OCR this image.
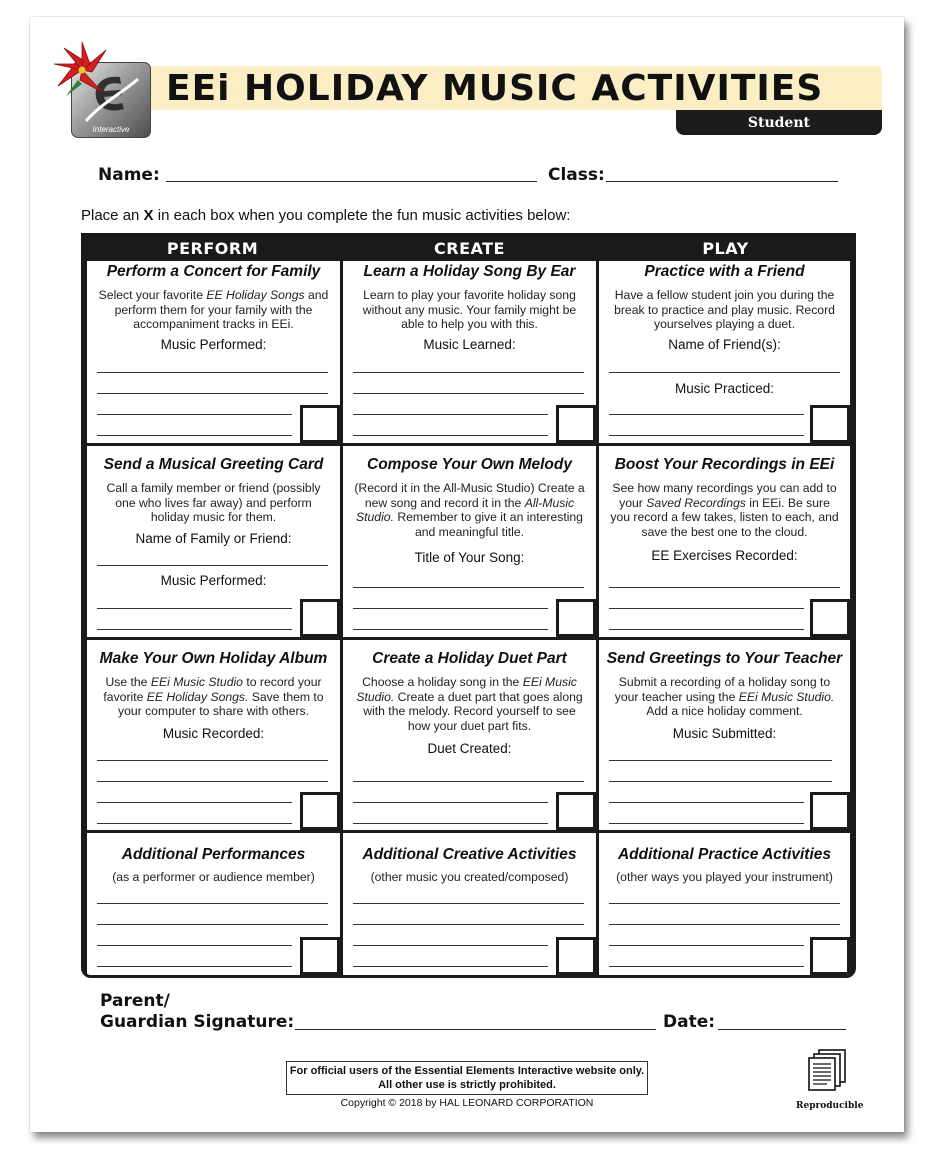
EEi HOLIDAY MUSIC ACTIVITIES
Student
Interactive
Name:	Class:
Place an X in each box when you complete the fun music activities below:
PERFORM	CREATE	PLAY
Perform a Concert for Family
Select your favorite EE Holiday Songs and perform them for your family with the accompaniment tracks in EEi.
Music Performed:
Learn a Holiday Song By Ear
Learn to play your favorite holiday song without any music. Your family might be able to help you with this.
Music Learned:
Practice with a Friend
Have a fellow student join you during the break to practice and play music. Record yourselves playing a duet.
Name of Friend(s):
Music Practiced:
Send a Musical Greeting Card
Call a family member or friend (possibly one who lives far away) and perform holiday music for them.
Name of Family or Friend:
Music Performed:
Compose Your Own Melody
(Record it in the All-Music Studio) Create a new song and record it in the All-Music Studio. Remember to give it an interesting and meaningful title.
Title of Your Song:
Boost Your Recordings in EEi
See how many recordings you can add to your Saved Recordings in EEi. Be sure you record a few takes, listen to each, and save the best one to the cloud.
EE Exercises Recorded:
Make Your Own Holiday Album
Use the EEi Music Studio to record your favorite EE Holiday Songs. Save them to your computer to share with others.
Music Recorded:
Create a Holiday Duet Part
Choose a holiday song in the EEi Music Studio. Create a duet part that goes along with the melody. Record yourself to see how your duet part fits.
Duet Created:
Send Greetings to Your Teacher
Submit a recording of a holiday song to your teacher using the EEi Music Studio. Add a nice holiday comment.
Music Submitted:
Additional Performances
(as a performer or audience member)
Additional Creative Activities
(other music you created/composed)
Additional Practice Activities
(other ways you played your instrument)
Parent/
Guardian Signature:	Date:
For official users of the Essential Elements Interactive website only.
All other use is strictly prohibited.
Copyright © 2018 by HAL LEONARD CORPORATION	Reproducible
